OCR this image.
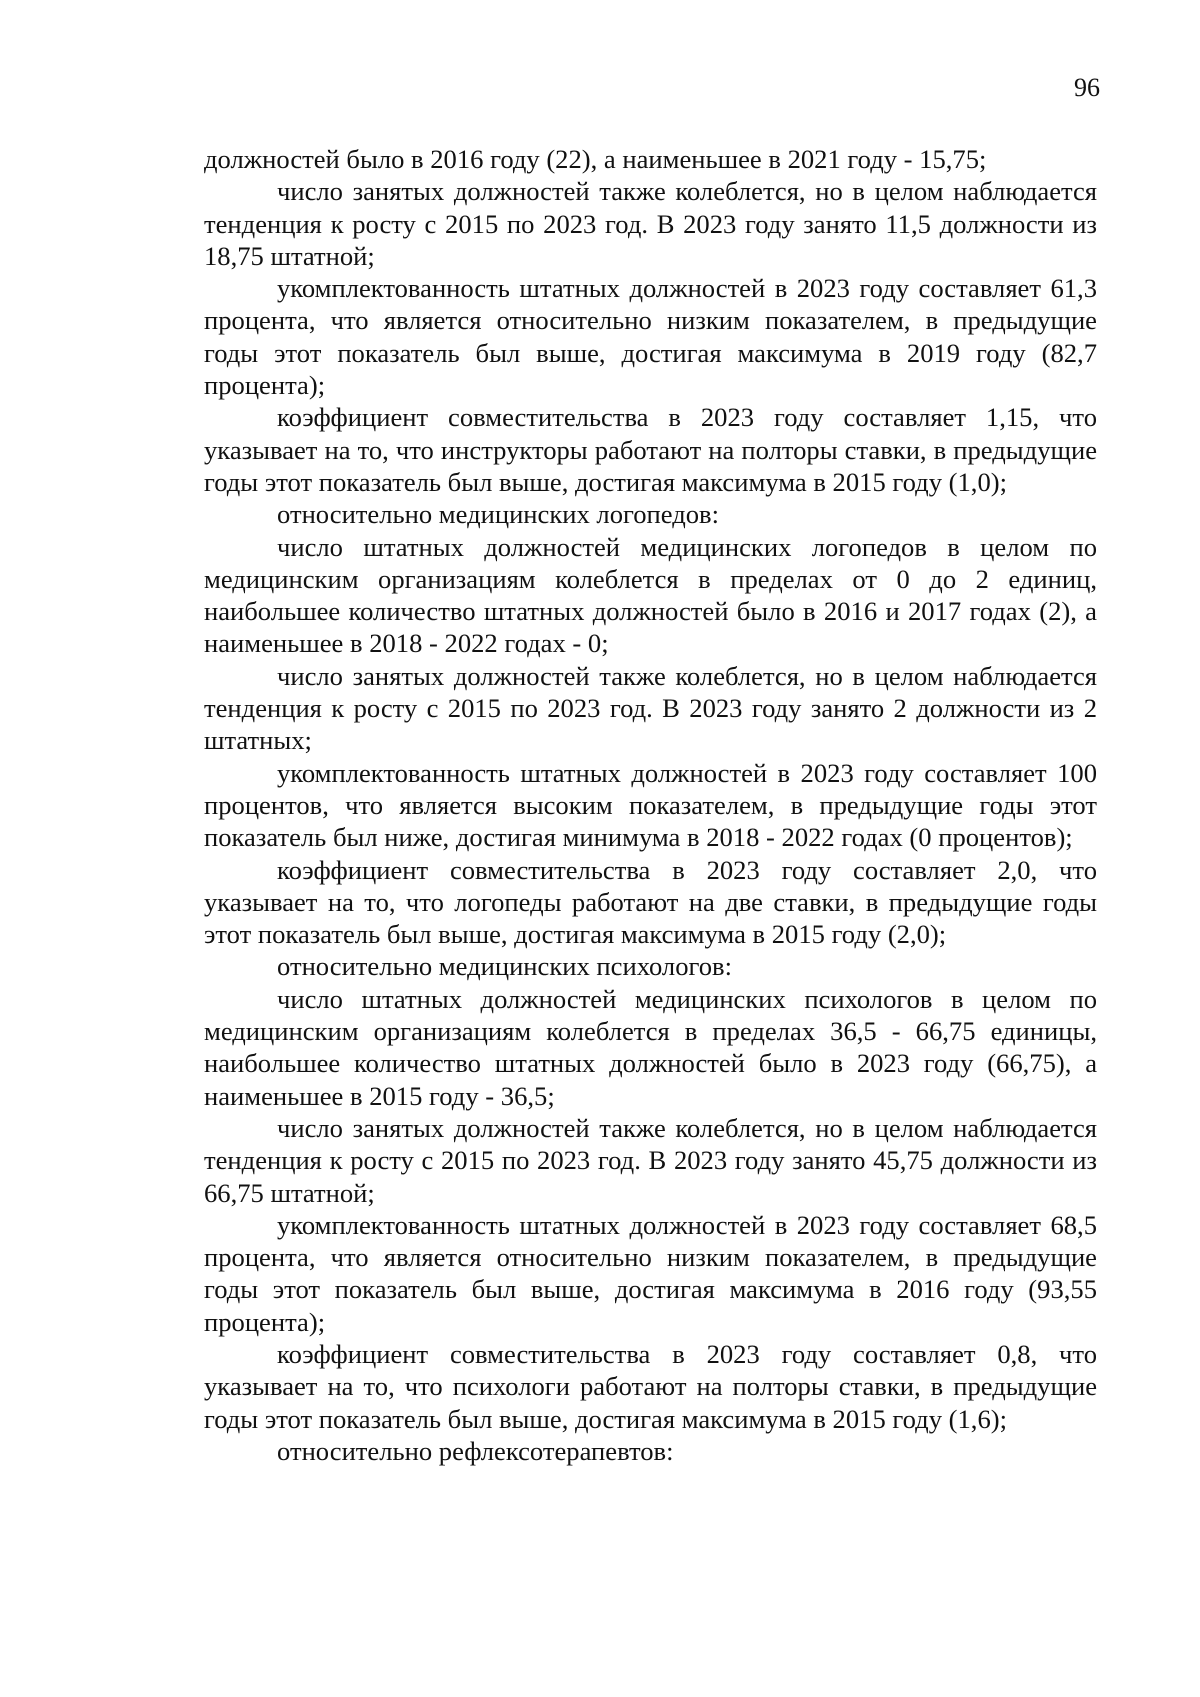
96

должностей было в 2016 году (22), а наименьшее в 2021 году - 15,75;

число занятых должностей также колеблется, но в целом наблюдается тенденция к росту с 2015 по 2023 год. В 2023 году занято 11,5 должности из 18,75 штатной;

укомплектованность штатных должностей в 2023 году составляет 61,3 процента, что является относительно низким показателем, в предыдущие годы этот показатель был выше, достигая максимума в 2019 году (82,7 процента);

коэффициент совместительства в 2023 году составляет 1,15, что указывает на то, что инструкторы работают на полторы ставки, в предыдущие годы этот показатель был выше, достигая максимума в 2015 году (1,0);

относительно медицинских логопедов:

число штатных должностей медицинских логопедов в целом по медицинским организациям колеблется в пределах от 0 до 2 единиц, наибольшее количество штатных должностей было в 2016 и 2017 годах (2), а наименьшее в 2018 - 2022 годах - 0;

число занятых должностей также колеблется, но в целом наблюдается тенденция к росту с 2015 по 2023 год. В 2023 году занято 2 должности из 2 штатных;

укомплектованность штатных должностей в 2023 году составляет 100 процентов, что является высоким показателем, в предыдущие годы этот показатель был ниже, достигая минимума в 2018 - 2022 годах (0 процентов);

коэффициент совместительства в 2023 году составляет 2,0, что указывает на то, что логопеды работают на две ставки, в предыдущие годы этот показатель был выше, достигая максимума в 2015 году (2,0);

относительно медицинских психологов:

число штатных должностей медицинских психологов в целом по медицинским организациям колеблется в пределах 36,5 - 66,75 единицы, наибольшее количество штатных должностей было в 2023 году (66,75), а наименьшее в 2015 году - 36,5;

число занятых должностей также колеблется, но в целом наблюдается тенденция к росту с 2015 по 2023 год. В 2023 году занято 45,75 должности из 66,75 штатной;

укомплектованность штатных должностей в 2023 году составляет 68,5 процента, что является относительно низким показателем, в предыдущие годы этот показатель был выше, достигая максимума в 2016 году (93,55 процента);

коэффициент совместительства в 2023 году составляет 0,8, что указывает на то, что психологи работают на полторы ставки, в предыдущие годы этот показатель был выше, достигая максимума в 2015 году (1,6);

относительно рефлексотерапевтов:
